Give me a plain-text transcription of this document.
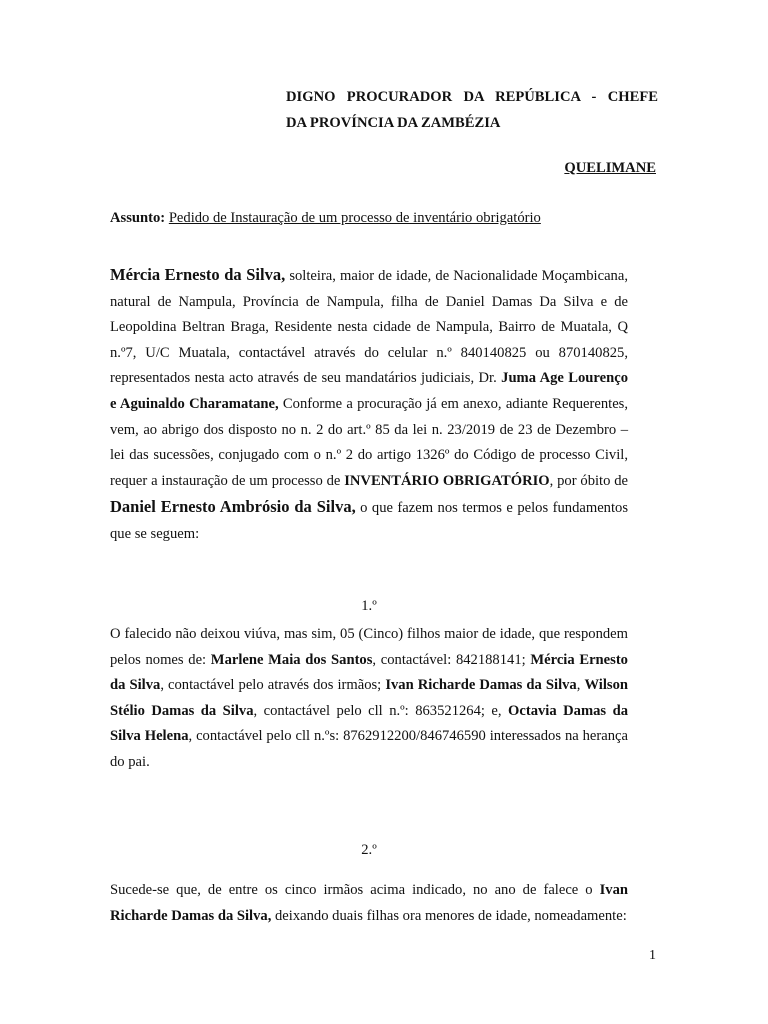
DIGNO PROCURADOR DA REPÚBLICA - CHEFE
DA PROVÍNCIA DA ZAMBÉZIA
QUELIMANE
Assunto: Pedido de Instauração de um processo de inventário obrigatório
Mércia Ernesto da Silva, solteira, maior de idade, de Nacionalidade Moçambicana, natural de Nampula, Província de Nampula, filha de Daniel Damas Da Silva e de Leopoldina Beltran Braga, Residente nesta cidade de Nampula, Bairro de Muatala, Q n.º7, U/C Muatala, contactável através do celular n.º 840140825 ou 870140825, representados nesta acto através de seu mandatários judiciais, Dr. Juma Age Lourenço e Aguinaldo Charamatane, Conforme a procuração já em anexo, adiante Requerentes, vem, ao abrigo dos disposto no n. 2 do art.º 85 da lei n. 23/2019 de 23 de Dezembro – lei das sucessões, conjugado com o n.º 2 do artigo 1326º do Código de processo Civil, requer a instauração de um processo de INVENTÁRIO OBRIGATÓRIO, por óbito de Daniel Ernesto Ambrósio da Silva, o que fazem nos termos e pelos fundamentos que se seguem:
1.º
O falecido não deixou viúva, mas sim, 05 (Cinco) filhos maior de idade, que respondem pelos nomes de: Marlene Maia dos Santos, contactável: 842188141; Mércia Ernesto da Silva, contactável pelo através dos irmãos; Ivan Richarde Damas da Silva, Wilson Stélio Damas da Silva, contactável pelo cll n.º: 863521264; e, Octavia Damas da Silva Helena, contactável pelo cll n.ºs: 8762912200/846746590 interessados na herança do pai.
2.º
Sucede-se que, de entre os cinco irmãos acima indicado, no ano de falece o Ivan Richarde Damas da Silva, deixando duais filhas ora menores de idade, nomeadamente:
1
